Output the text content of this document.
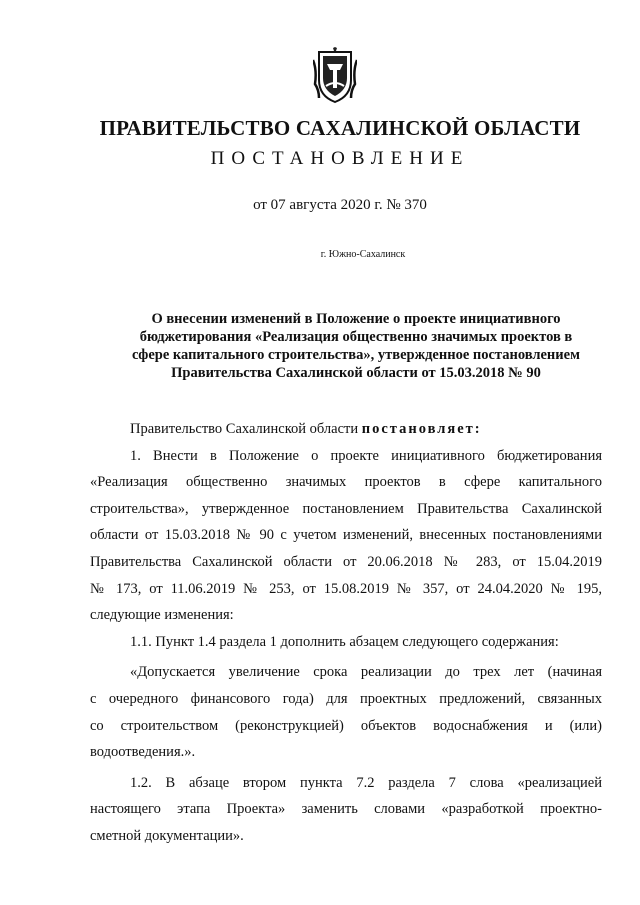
ПРАВИТЕЛЬСТВО САХАЛИНСКОЙ ОБЛАСТИ
ПОСТАНОВЛЕНИЕ
от 07 августа 2020 г. № 370
г. Южно-Сахалинск
О внесении изменений в Положение о проекте инициативного
бюджетирования «Реализация общественно значимых проектов в
сфере капитального строительства», утвержденное постановлением
Правительства Сахалинской области от 15.03.2018 № 90
Правительство Сахалинской области постановляет:
1. Внести в Положение о проекте инициативного бюджетирования
«Реализация общественно значимых проектов в сфере капитального
строительства», утвержденное постановлением Правительства Сахалинской
области от 15.03.2018 № 90 с учетом изменений, внесенных постановлениями
Правительства Сахалинской области от 20.06.2018 № 283, от 15.04.2019
№ 173, от 11.06.2019 № 253, от 15.08.2019 № 357, от 24.04.2020 № 195,
следующие изменения:
1.1. Пункт 1.4 раздела 1 дополнить абзацем следующего содержания:
«Допускается увеличение срока реализации до трех лет (начиная
с очередного финансового года) для проектных предложений, связанных
со строительством (реконструкцией) объектов водоснабжения и (или)
водоотведения.».
1.2. В абзаце втором пункта 7.2 раздела 7 слова «реализацией
настоящего этапа Проекта» заменить словами «разработкой проектно-
сметной документации».
